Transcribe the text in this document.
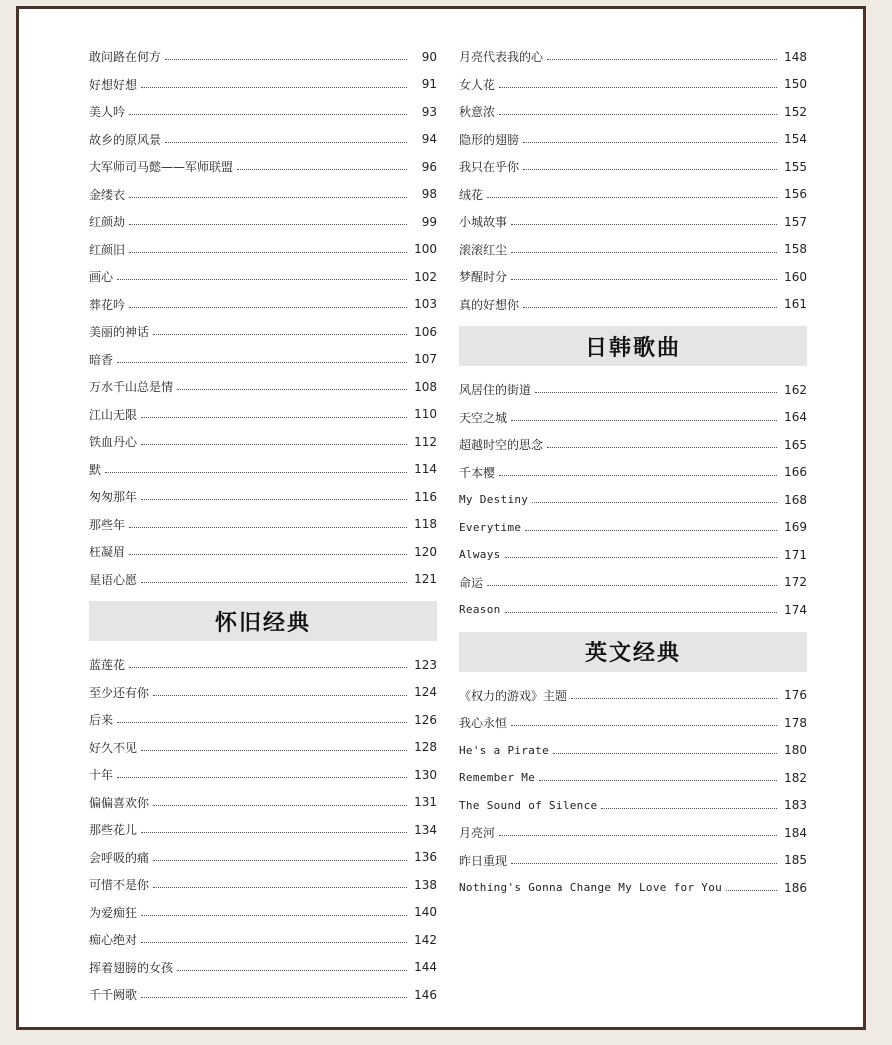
敢问路在何方	90
好想好想	91
美人吟	93
故乡的原风景	94
大军师司马懿——军师联盟	96
金缕衣	98
红颜劫	99
红颜旧	100
画心	102
葬花吟	103
美丽的神话	106
暗香	107
万水千山总是情	108
江山无限	110
铁血丹心	112
默	114
匆匆那年	116
那些年	118
枉凝眉	120
星语心愿	121
怀旧经典
蓝莲花	123
至少还有你	124
后来	126
好久不见	128
十年	130
偏偏喜欢你	131
那些花儿	134
会呼吸的痛	136
可惜不是你	138
为爱痴狂	140
痴心绝对	142
挥着翅膀的女孩	144
千千阙歌	146
月亮代表我的心	148
女人花	150
秋意浓	152
隐形的翅膀	154
我只在乎你	155
绒花	156
小城故事	157
滚滚红尘	158
梦醒时分	160
真的好想你	161
日韩歌曲
风居住的街道	162
天空之城	164
超越时空的思念	165
千本樱	166
My Destiny	168
Everytime	169
Always	171
命运	172
Reason	174
英文经典
《权力的游戏》主题	176
我心永恒	178
He's a Pirate	180
Remember Me	182
The Sound of Silence	183
月亮河	184
昨日重现	185
Nothing's Gonna Change My Love for You	186
